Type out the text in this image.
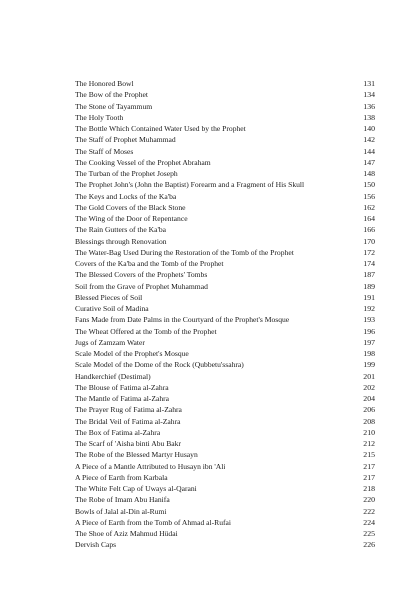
The Honored Bowl	131
The Bow of the Prophet	134
The Stone of Tayammum	136
The Holy Tooth	138
The Bottle Which Contained Water Used by the Prophet	140
The Staff of Prophet Muhammad	142
The Staff of Moses	144
The Cooking Vessel of the Prophet Abraham	147
The Turban of the Prophet Joseph	148
The Prophet John's (John the Baptist) Forearm and a Fragment of His Skull	150
The Keys and Locks of the Ka'ba	156
The Gold Covers of the Black Stone	162
The Wing of the Door of Repentance	164
The Rain Gutters of the Ka'ba	166
Blessings through Renovation	170
The Water-Bag Used During the Restoration of the Tomb of the Prophet	172
Covers of the Ka'ba and the Tomb of the Prophet	174
The Blessed Covers of the Prophets' Tombs	187
Soil from the Grave of Prophet Muhammad	189
Blessed Pieces of Soil	191
Curative Soil of Madina	192
Fans Made from Date Palms in the Courtyard of the Prophet's Mosque	193
The Wheat Offered at the Tomb of the Prophet	196
Jugs of Zamzam Water	197
Scale Model of the Prophet's Mosque	198
Scale Model of the Dome of the Rock (Qubbetu'ssahra)	199
Handkerchief (Destimal)	201
The Blouse of Fatima al-Zahra	202
The Mantle of Fatima al-Zahra	204
The Prayer Rug of Fatima al-Zahra	206
The Bridal Veil of Fatima al-Zahra	208
The Box of Fatima al-Zahra	210
The Scarf of 'Aisha binti Abu Bakr	212
The Robe of the Blessed Martyr Husayn	215
A Piece of a Mantle Attributed to Husayn ibn 'Ali	217
A Piece of Earth from Karbala	217
The White Felt Cap of Uways al-Qarani	218
The Robe of Imam Abu Hanifa	220
Bowls of Jalal al-Din al-Rumi	222
A Piece of Earth from the Tomb of Ahmad al-Rufai	224
The Shoe of Aziz Mahmud Hüdai	225
Dervish Caps	226
